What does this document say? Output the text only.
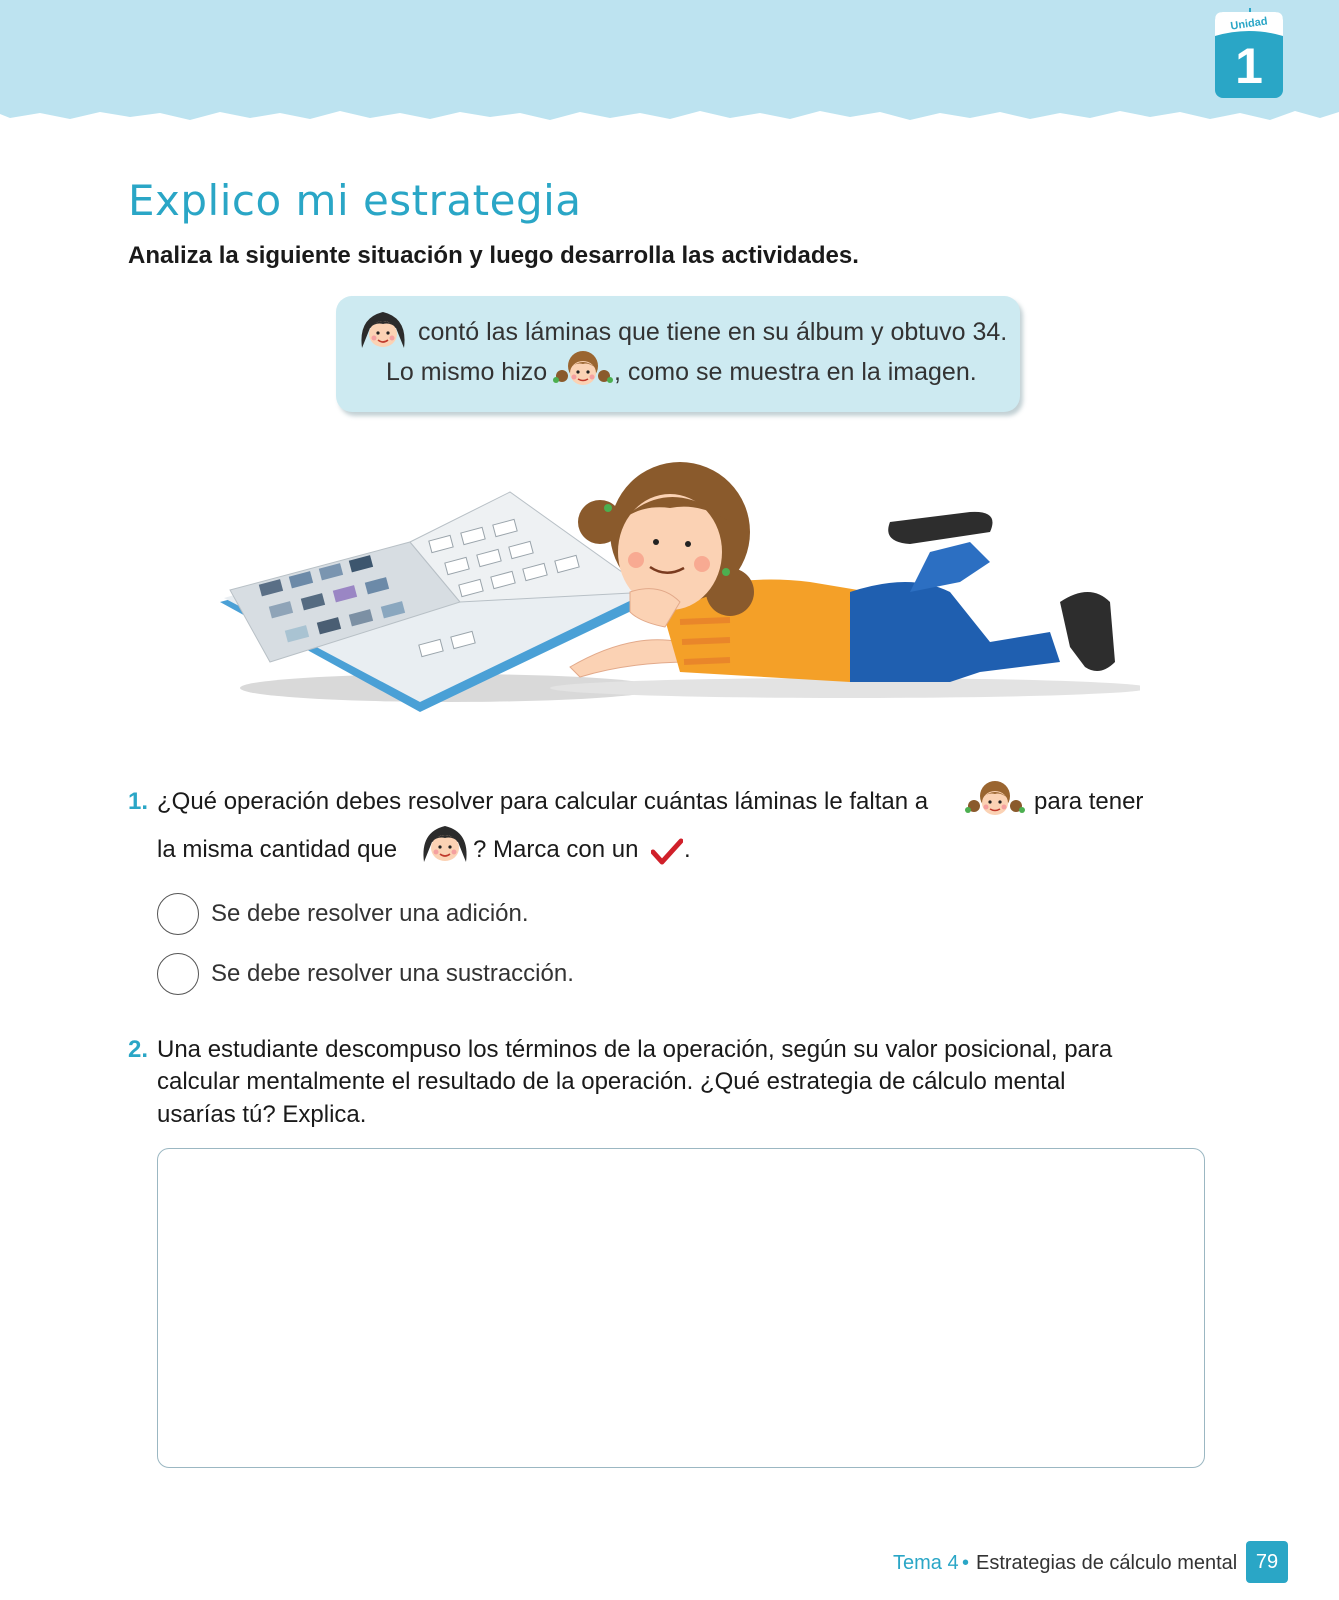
Unidad
1
Explico mi estrategia
Analiza la siguiente situación y luego desarrolla las actividades.
contó las láminas que tiene en su álbum y obtuvo 34.
Lo mismo hizo	, como se muestra en la imagen.
1. ¿Qué operación debes resolver para calcular cuántas láminas le faltan a	para tener
la misma cantidad que	? Marca con un .
Se debe resolver una adición.
Se debe resolver una sustracción.
2. Una estudiante descompuso los términos de la operación, según su valor posicional, para
calcular mentalmente el resultado de la operación. ¿Qué estrategia de cálculo mental
usarías tú? Explica.
Tema 4 • Estrategias de cálculo mental 79
